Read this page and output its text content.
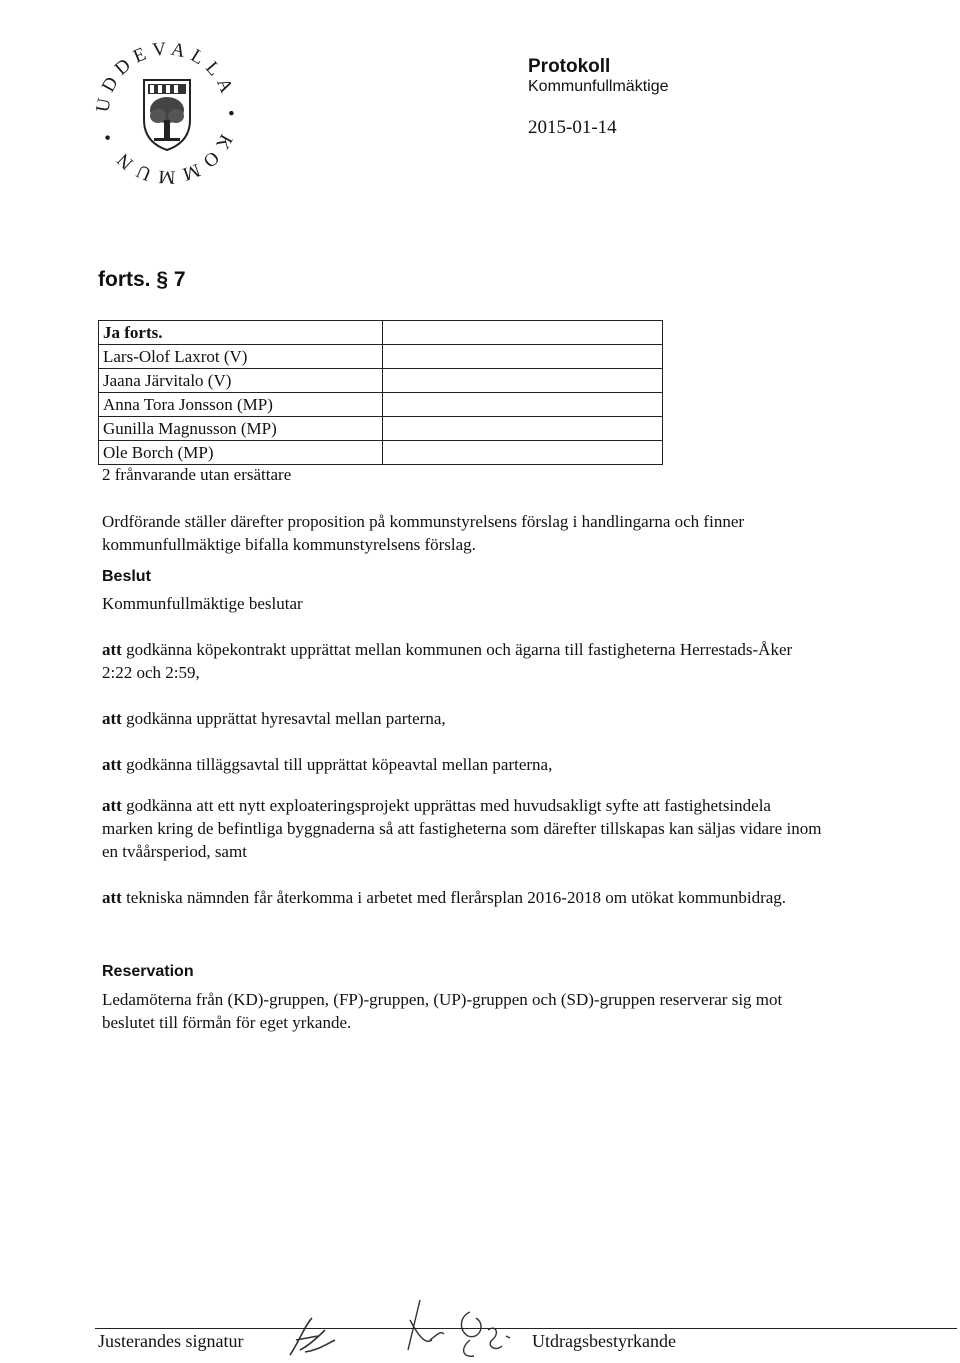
UDDEVALLA • KOMMUN •
Protokoll
Kommunfullmäktige
2015-01-14
forts. § 7
Ja forts.	
Lars-Olof Laxrot (V)	
Jaana Järvitalo (V)	
Anna Tora Jonsson (MP)	
Gunilla Magnusson (MP)	
Ole Borch (MP)	
2 frånvarande utan ersättare
Ordförande ställer därefter proposition på kommunstyrelsens förslag i handlingarna och finner kommunfullmäktige bifalla kommunstyrelsens förslag.
Beslut
Kommunfullmäktige beslutar
att godkänna köpekontrakt upprättat mellan kommunen och ägarna till fastigheterna Herrestads-Åker 2:22 och 2:59,
att godkänna upprättat hyresavtal mellan parterna,
att godkänna tilläggsavtal till upprättat köpeavtal mellan parterna,
att godkänna att ett nytt exploateringsprojekt upprättas med huvudsakligt syfte att fastighetsindela marken kring de befintliga byggnaderna så att fastigheterna som därefter tillskapas kan säljas vidare inom en tvåårsperiod, samt
att tekniska nämnden får återkomma i arbetet med flerårsplan 2016-2018 om utökat kommunbidrag.
Reservation
Ledamöterna från (KD)-gruppen, (FP)-gruppen, (UP)-gruppen och (SD)-gruppen reserverar sig mot beslutet till förmån för eget yrkande.
Justerandes signatur	Utdragsbestyrkande
